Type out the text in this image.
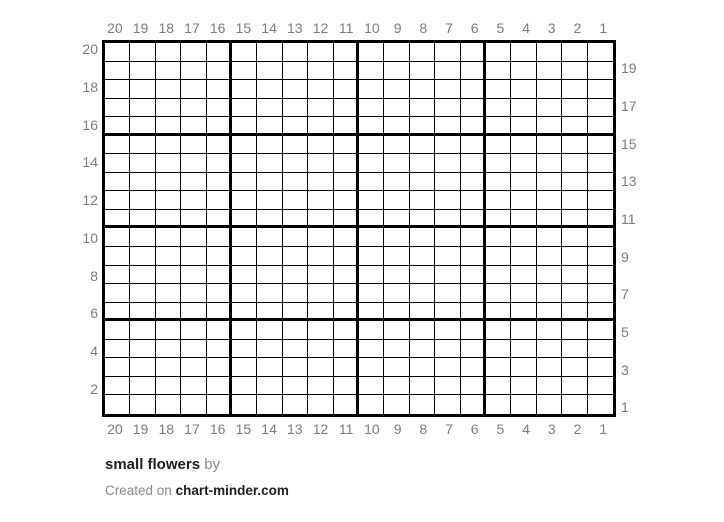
20 19 18 17 16 15 14 13 12 11 10	9	8	7	6	5	4	3	2	1
20 19 18 17 16 15 14 13 12 11 10	9	8	7	6	5	4	3	2	1
20
18
16
14
12
10
8
6
4
2
19
17
15
13
11
9
7
5
3
1
small flowers by
Created on chart-minder.com
